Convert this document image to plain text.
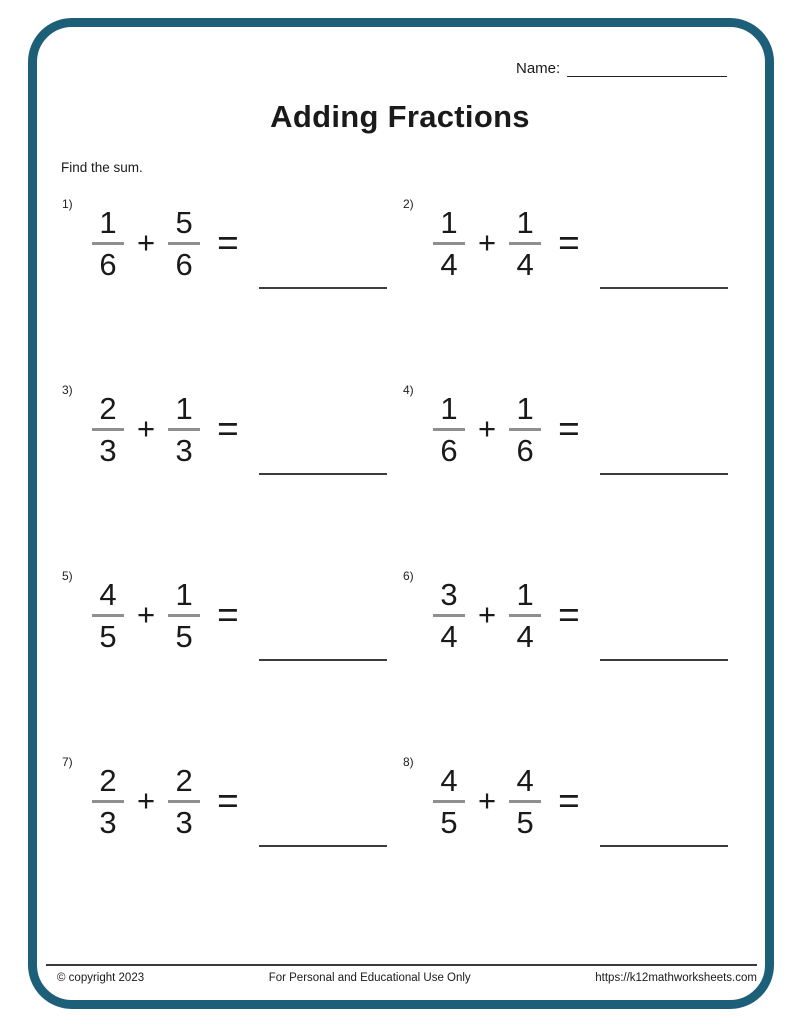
Name:
Adding Fractions
Find the sum.
1)
$\frac{1}{6} + \frac{5}{6}$ =
2)
$\frac{1}{4} + \frac{1}{4}$ =
3)
$\frac{2}{3} + \frac{1}{3}$ =
4)
$\frac{1}{6} + \frac{1}{6}$ =
5)
$\frac{4}{5} + \frac{1}{5}$ =
6)
$\frac{3}{4} + \frac{1}{4}$ =
7)
$\frac{2}{3} + \frac{2}{3}$ =
8)
$\frac{4}{5} + \frac{4}{5}$ =
© copyright 2023	For Personal and Educational Use Only	https://k12mathworksheets.com
